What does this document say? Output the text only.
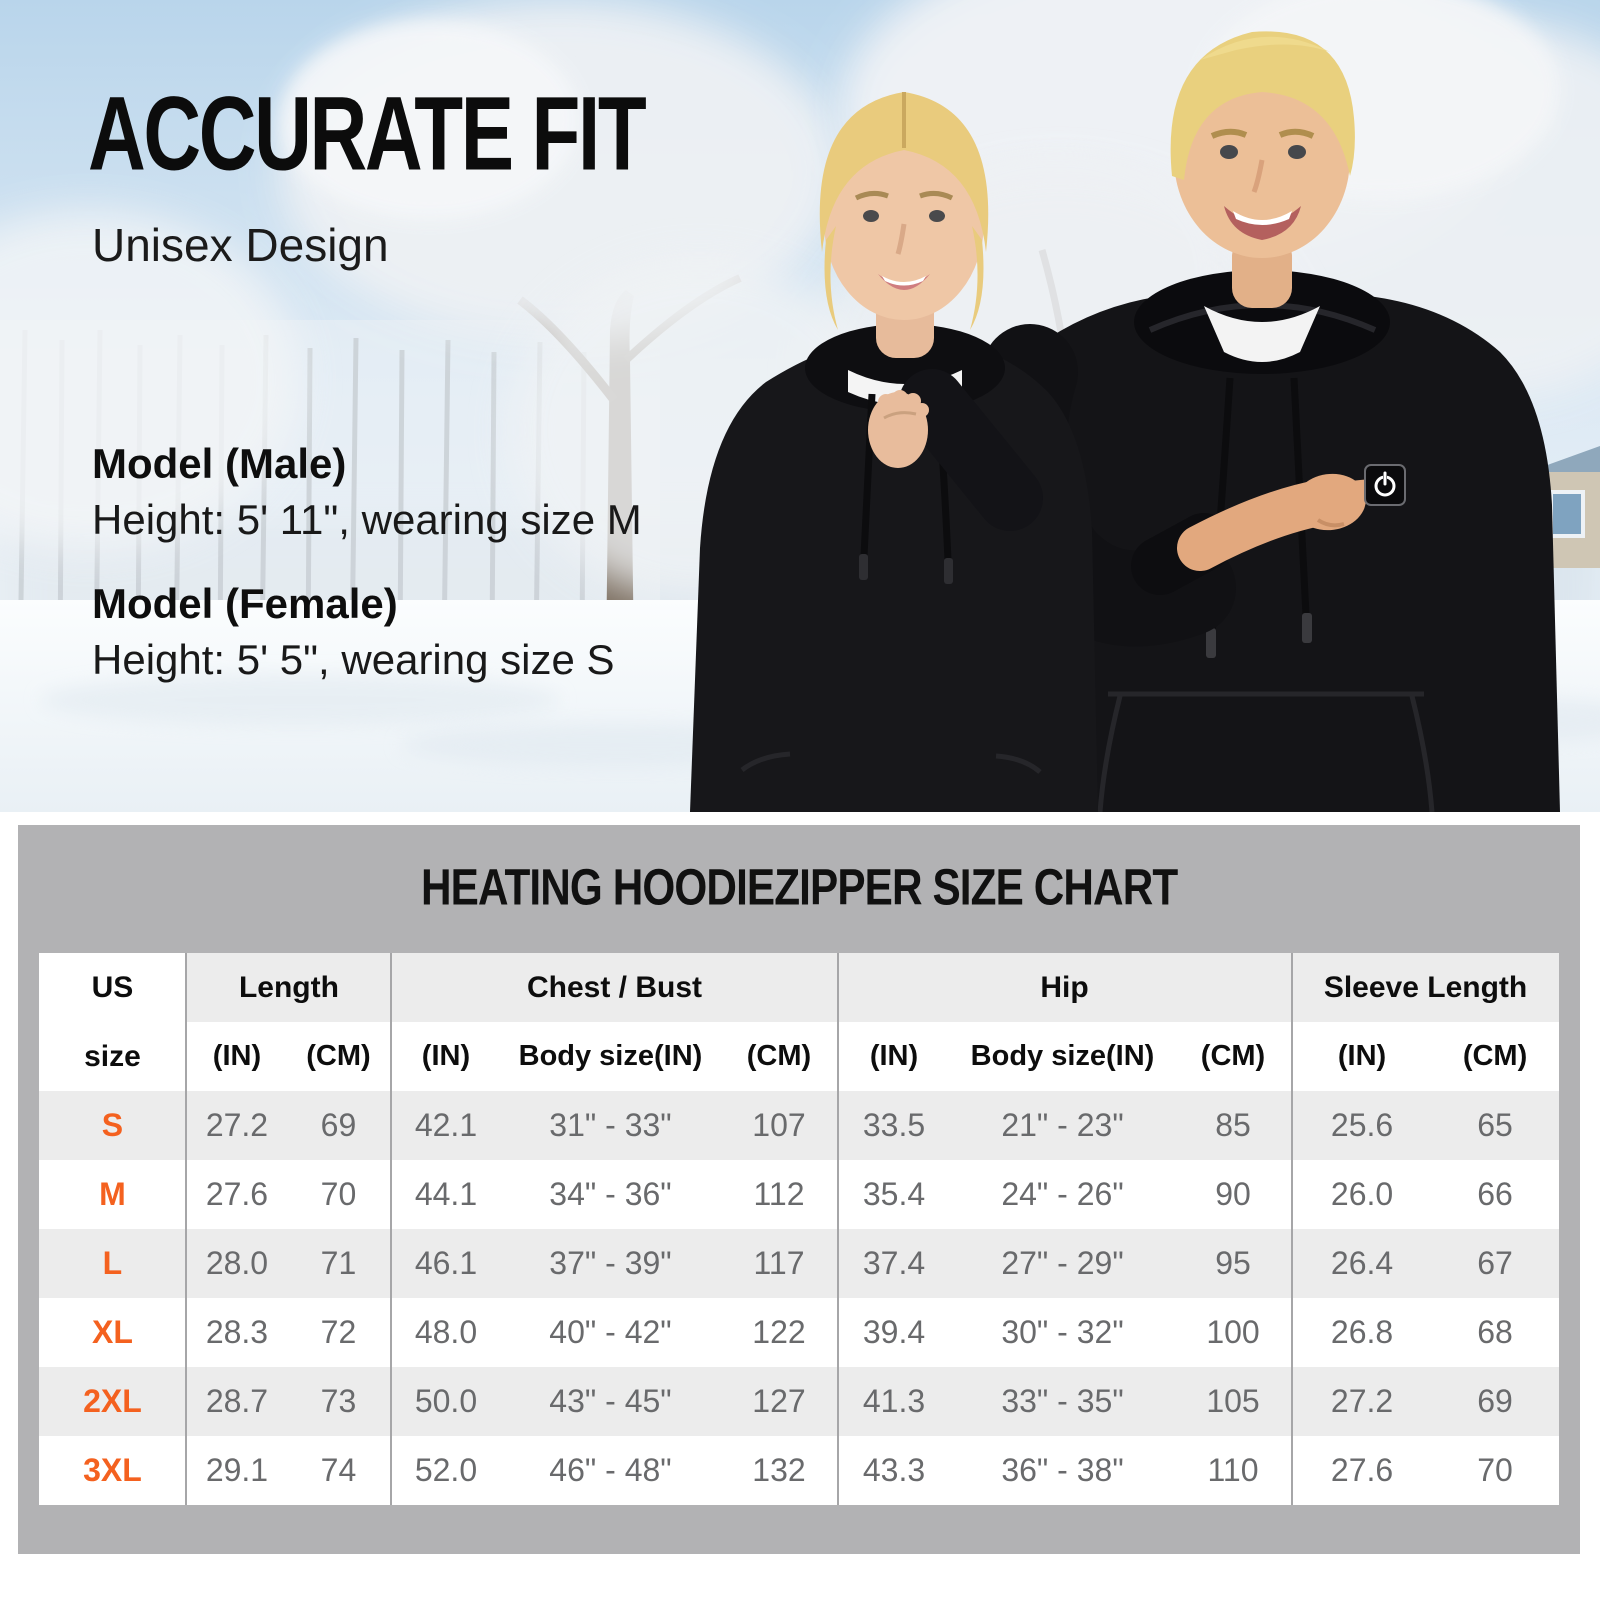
ACCURATE FIT
Unisex Design
Model (Male)
Height: 5' 11", wearing size M
Model (Female)
Height: 5' 5", wearing size S
HEATING HOODIEZIPPER SIZE CHART
US
size	Length		Chest / Bust			Hip			Sleeve Length	
	(IN)	(CM)	(IN)	Body size(IN)	(CM)	(IN)	Body size(IN)	(CM)	(IN)	(CM)
S	27.2	69	42.1	31" - 33"	107	33.5	21" - 23"	85	25.6	65
M	27.6	70	44.1	34" - 36"	112	35.4	24" - 26"	90	26.0	66
L	28.0	71	46.1	37" - 39"	117	37.4	27" - 29"	95	26.4	67
XL	28.3	72	48.0	40" - 42"	122	39.4	30" - 32"	100	26.8	68
2XL	28.7	73	50.0	43" - 45"	127	41.3	33" - 35"	105	27.2	69
3XL	29.1	74	52.0	46" - 48"	132	43.3	36" - 38"	110	27.6	70
